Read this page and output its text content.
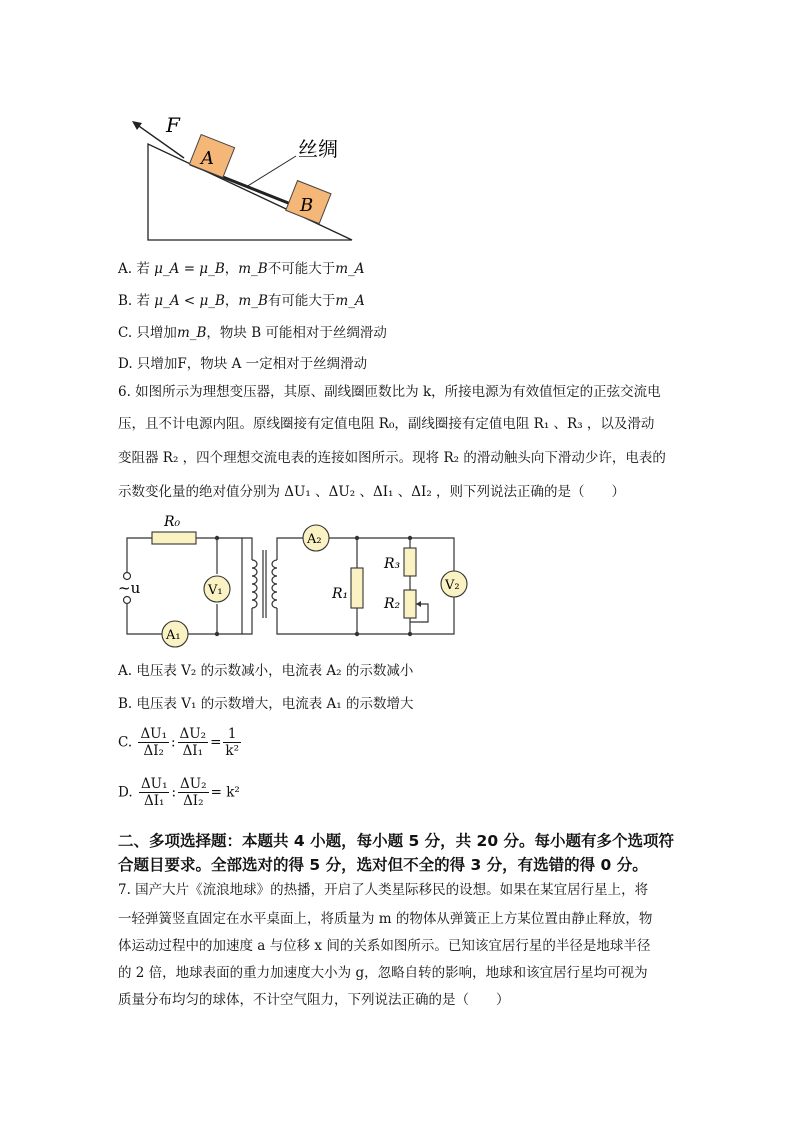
F
A
B
丝绸
A. 若 μ_A = μ_B，m_B不可能大于m_A
B. 若 μ_A < μ_B，m_B有可能大于m_A
C. 只增加m_B，物块 B 可能相对于丝绸滑动
D. 只增加F，物块 A 一定相对于丝绸滑动
6. 如图所示为理想变压器，其原、副线圈匝数比为 k，所接电源为有效值恒定的正弦交流电
压，且不计电源内阻。原线圈接有定值电阻 R₀，副线圈接有定值电阻 R₁ 、R₃ ，以及滑动
变阻器 R₂ ，四个理想交流电表的连接如图所示。现将 R₂ 的滑动触头向下滑动少许，电表的
示数变化量的绝对值分别为 ΔU₁ 、ΔU₂ 、ΔI₁ 、ΔI₂ ，则下列说法正确的是（　　）
~u
R₀
V₁
A₁
A₂
R₁
R₃
R₂
V₂
A. 电压表 V₂ 的示数减小，电流表 A₂ 的示数减小
B. 电压表 V₁ 的示数增大，电流表 A₁ 的示数增大
C. $\frac{\text{ΔU₁}}{\text{ΔI₂}}$ : $\frac{\text{ΔU₂}}{\text{ΔI₁}} = \frac{1}{\text{k²}}$
D. $\frac{\text{ΔU₁}}{\text{ΔI₁}}$ : $\frac{\text{ΔU₂}}{\text{ΔI₂}} = k^2$
二、多项选择题：本题共 4 小题，每小题 5 分，共 20 分。每小题有多个选项符
合题目要求。全部选对的得 5 分，选对但不全的得 3 分，有选错的得 0 分。
7. 国产大片《流浪地球》的热播，开启了人类星际移民的设想。如果在某宜居行星上，将
一轻弹簧竖直固定在水平桌面上，将质量为 m 的物体从弹簧正上方某位置由静止释放，物
体运动过程中的加速度 a 与位移 x 间的关系如图所示。已知该宜居行星的半径是地球半径
的 2 倍，地球表面的重力加速度大小为 g，忽略自转的影响，地球和该宜居行星均可视为
质量分布均匀的球体，不计空气阻力，下列说法正确的是（　　）
